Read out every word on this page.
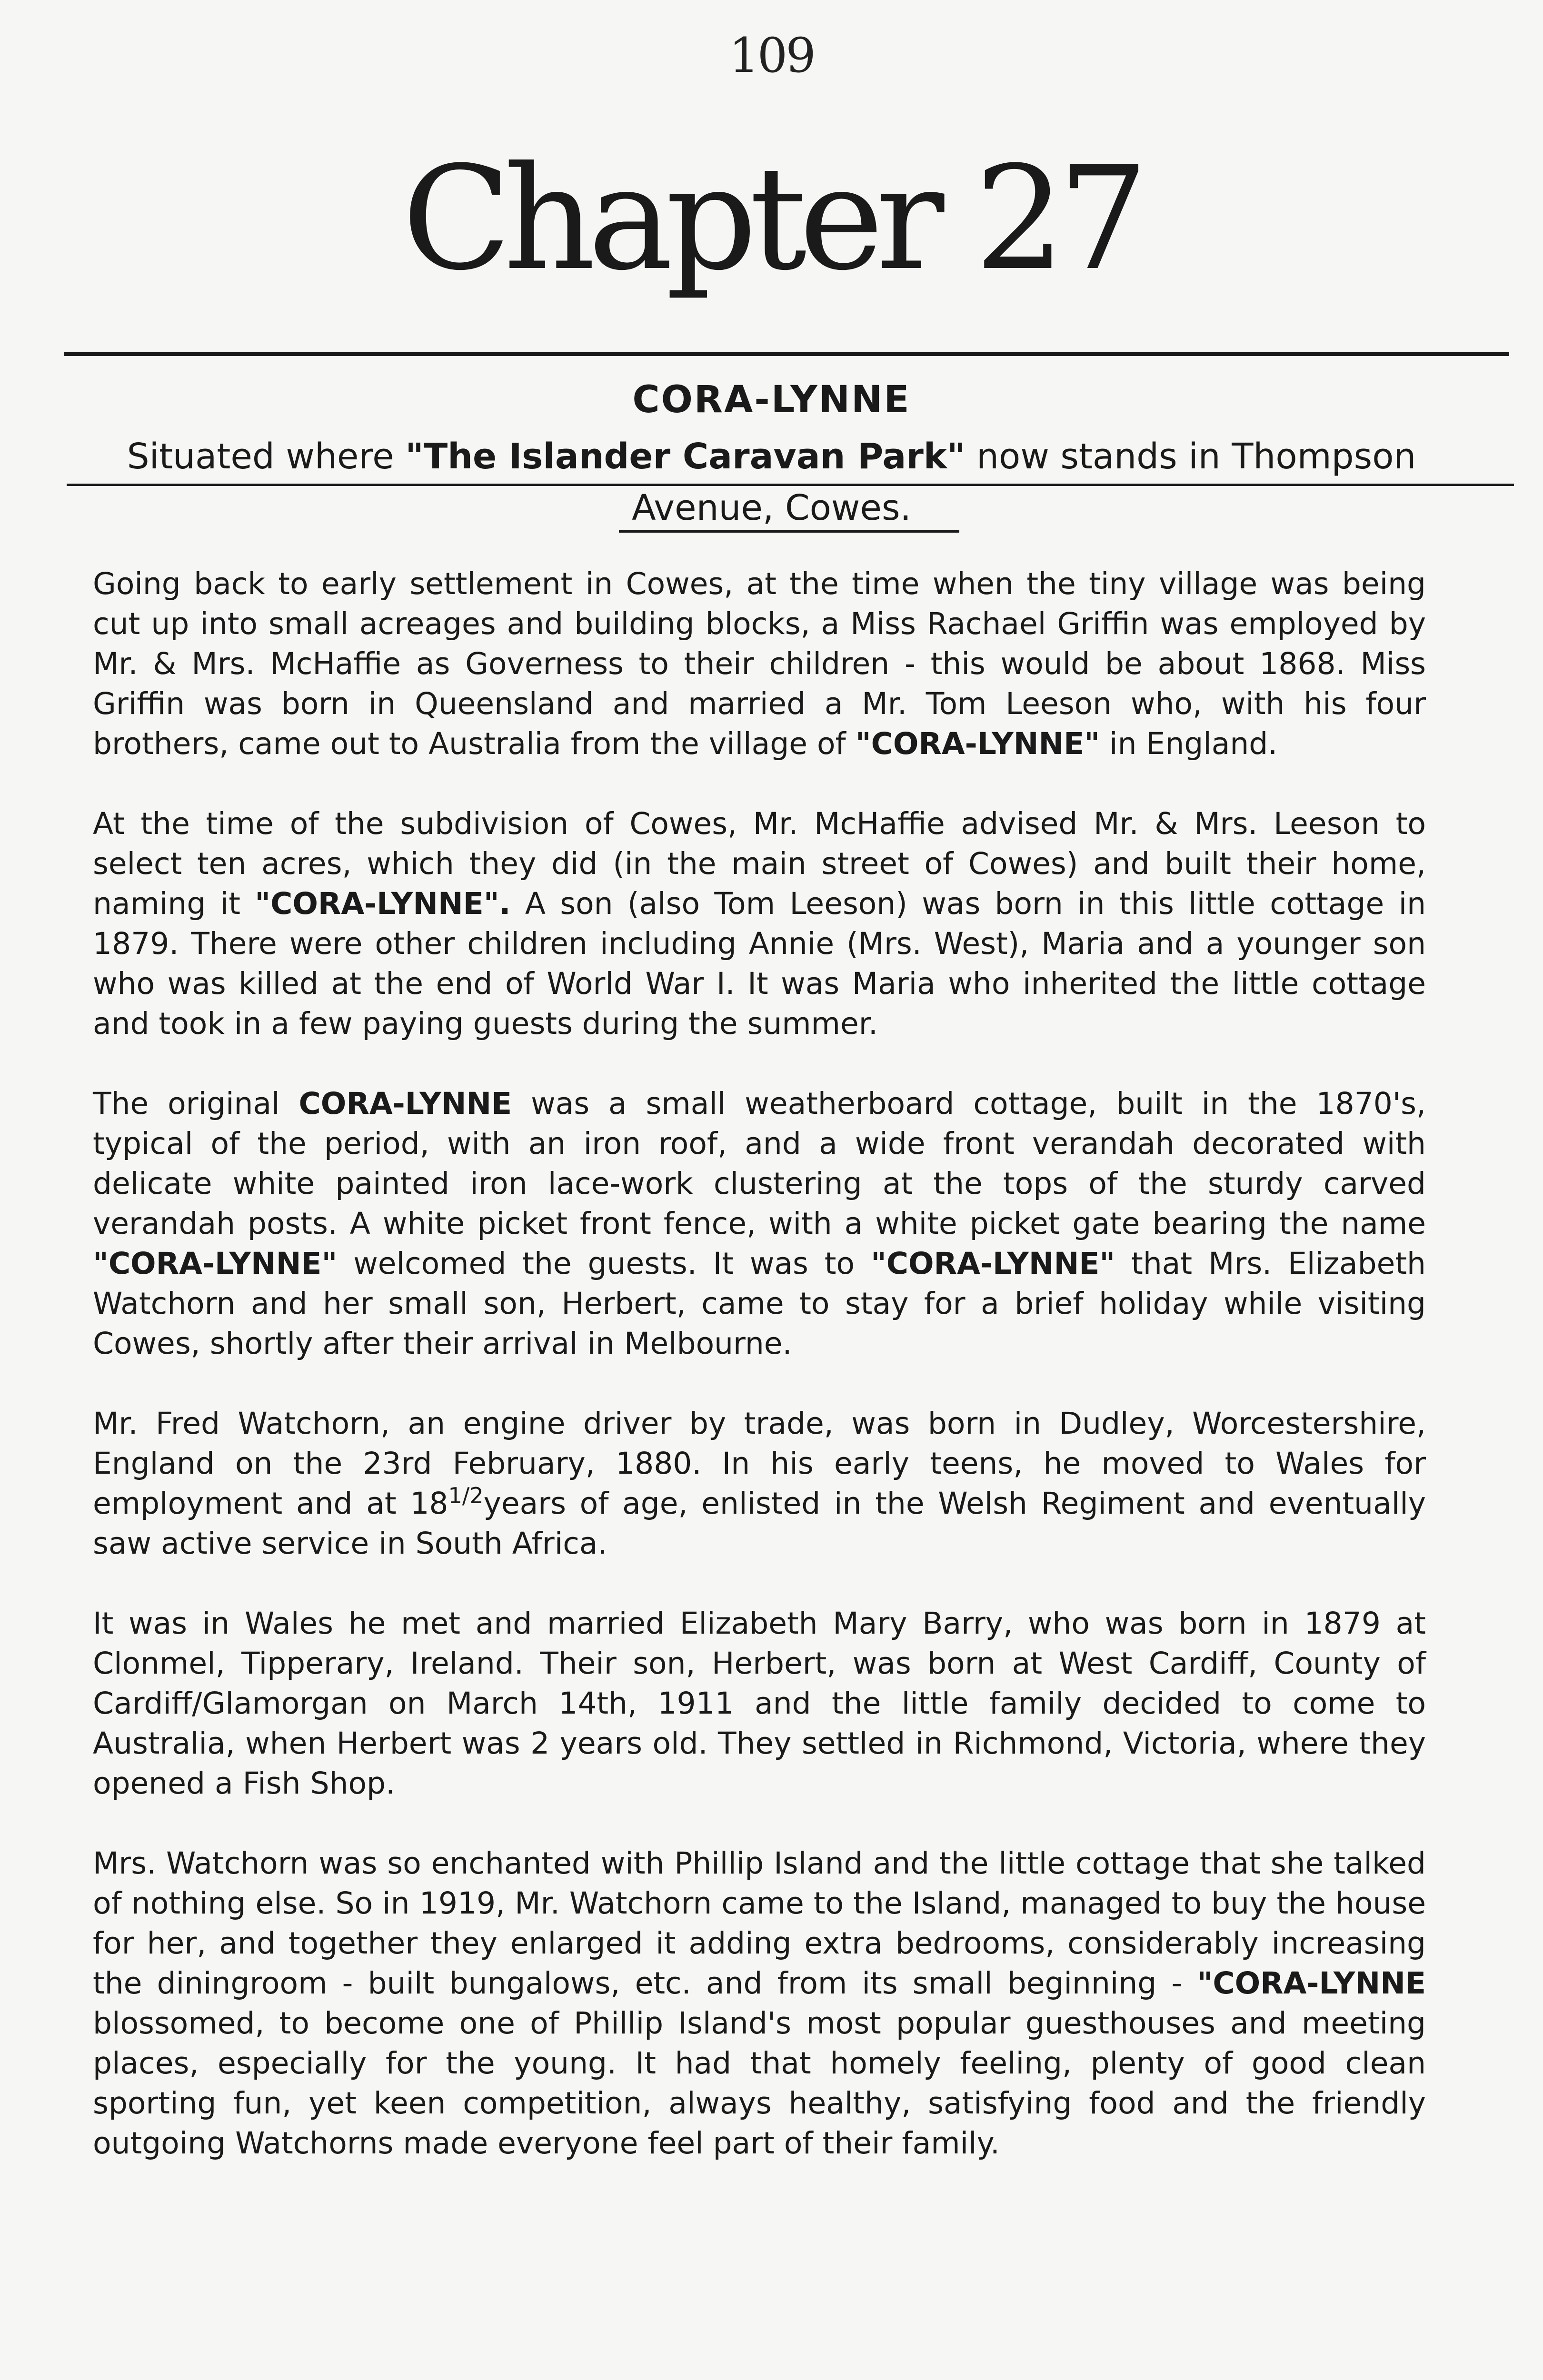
109
Chapter 27
CORA-LYNNE
Situated where "The Islander Caravan Park" now stands in Thompson
Avenue, Cowes.

Going back to early settlement in Cowes, at the time when the tiny village was being cut up into small acreages and building blocks, a Miss Rachael Griffin was employed by Mr. & Mrs. McHaffie as Governess to their children - this would be about 1868. Miss Griffin was born in Queensland and married a Mr. Tom Leeson who, with his four brothers, came out to Australia from the village of "CORA-LYNNE" in England.

At the time of the subdivision of Cowes, Mr. McHaffie advised Mr. & Mrs. Leeson to select ten acres, which they did (in the main street of Cowes) and built their home, naming it "CORA-LYNNE". A son (also Tom Leeson) was born in this little cottage in 1879. There were other children including Annie (Mrs. West), Maria and a younger son who was killed at the end of World War I. It was Maria who inherited the little cottage and took in a few paying guests during the summer.

The original CORA-LYNNE was a small weatherboard cottage, built in the 1870's, typical of the period, with an iron roof, and a wide front verandah decorated with delicate white painted iron lace-work clustering at the tops of the sturdy carved verandah posts. A white picket front fence, with a white picket gate bearing the name "CORA-LYNNE" welcomed the guests. It was to "CORA-LYNNE" that Mrs. Elizabeth Watchorn and her small son, Herbert, came to stay for a brief holiday while visiting Cowes, shortly after their arrival in Melbourne.

Mr. Fred Watchorn, an engine driver by trade, was born in Dudley, Worcestershire, England on the 23rd February, 1880. In his early teens, he moved to Wales for employment and at $18^{1/2}years$ of age, enlisted in the Welsh Regiment and eventually saw active service in South Africa.

It was in Wales he met and married Elizabeth Mary Barry, who was born in 1879 at Clonmel, Tipperary, Ireland. Their son, Herbert, was born at West Cardiff, County of Cardiff/Glamorgan on March 14th, 1911 and the little family decided to come to Australia, when Herbert was 2 years old. They settled in Richmond, Victoria, where they opened a Fish Shop.

Mrs. Watchorn was so enchanted with Phillip Island and the little cottage that she talked of nothing else. So in 1919, Mr. Watchorn came to the Island, managed to buy the house for her, and together they enlarged it adding extra bedrooms, considerably increasing the diningroom - built bungalows, etc. and from its small beginning - "CORA-LYNNE blossomed, to become one of Phillip Island's most popular guesthouses and meeting places, especially for the young. It had that homely feeling, plenty of good clean sporting fun, yet keen competition, always healthy, satisfying food and the friendly outgoing Watchorns made everyone feel part of their family.
